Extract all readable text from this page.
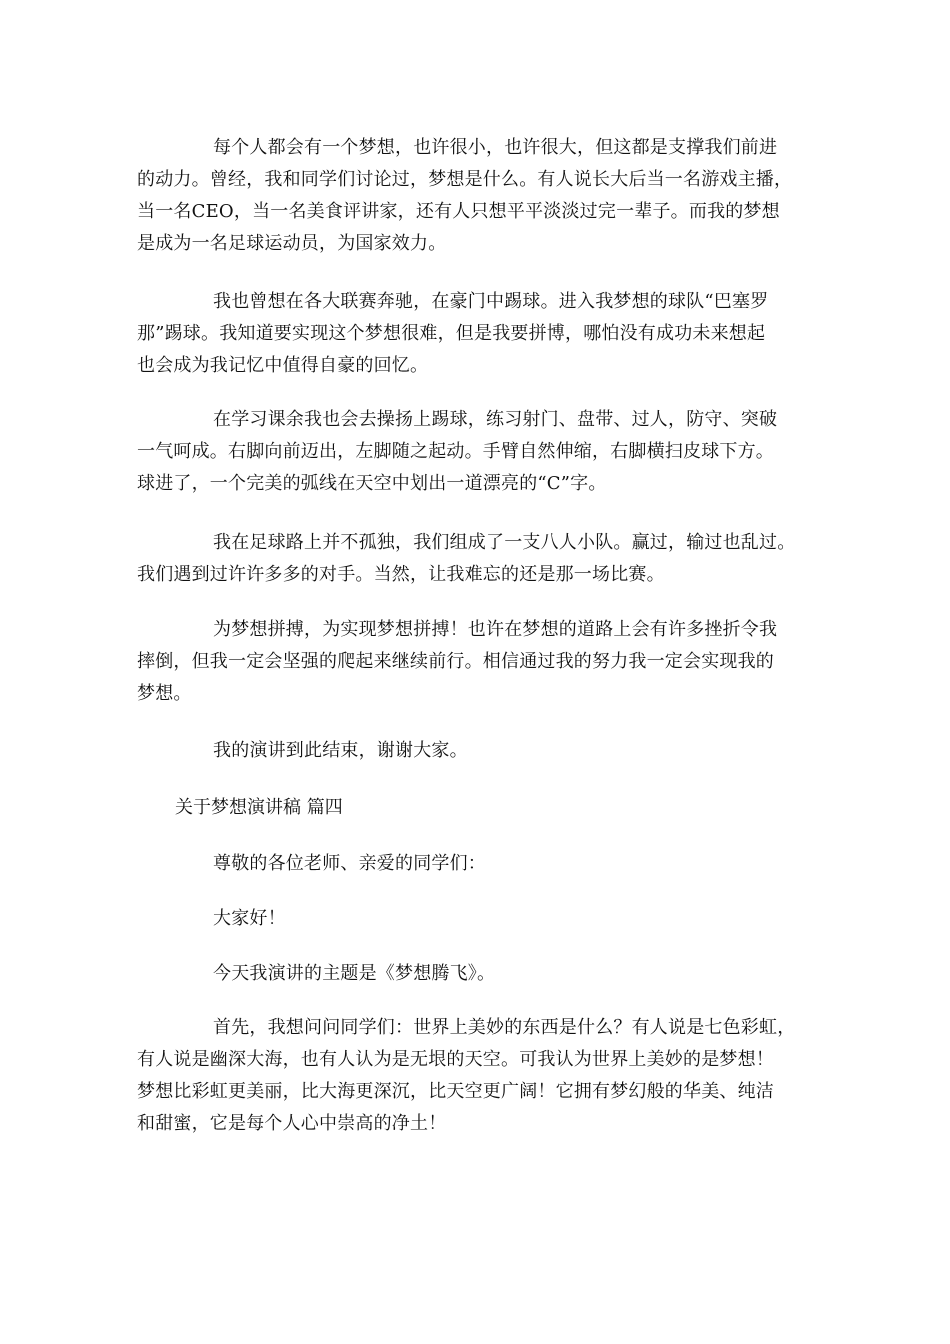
每个人都会有一个梦想，也许很小，也许很大，但这都是支撑我们前进
的动力。曾经，我和同学们讨论过，梦想是什么。有人说长大后当一名游戏主播，
当一名CEO，当一名美食评讲家，还有人只想平平淡淡过完一辈子。而我的梦想
是成为一名足球运动员，为国家效力。
我也曾想在各大联赛奔驰，在豪门中踢球。进入我梦想的球队“巴塞罗
那”踢球。我知道要实现这个梦想很难，但是我要拼博，哪怕没有成功未来想起
也会成为我记忆中值得自豪的回忆。
在学习课余我也会去操扬上踢球，练习射门、盘带、过人，防守、突破
一气呵成。右脚向前迈出，左脚随之起动。手臂自然伸缩，右脚横扫皮球下方。
球进了，一个完美的弧线在天空中划出一道漂亮的“C”字。
我在足球路上并不孤独，我们组成了一支八人小队。赢过，输过也乱过。
我们遇到过许许多多的对手。当然，让我难忘的还是那一场比赛。
为梦想拼搏，为实现梦想拼搏！也许在梦想的道路上会有许多挫折令我
摔倒，但我一定会坚强的爬起来继续前行。相信通过我的努力我一定会实现我的
梦想。
我的演讲到此结束，谢谢大家。
关于梦想演讲稿 篇四
尊敬的各位老师、亲爱的同学们：
大家好！
今天我演讲的主题是《梦想腾飞》。
首先，我想问问同学们：世界上美妙的东西是什么？有人说是七色彩虹，
有人说是幽深大海，也有人认为是无垠的天空。可我认为世界上美妙的是梦想！
梦想比彩虹更美丽，比大海更深沉，比天空更广阔！它拥有梦幻般的华美、纯洁
和甜蜜，它是每个人心中崇高的净土！
